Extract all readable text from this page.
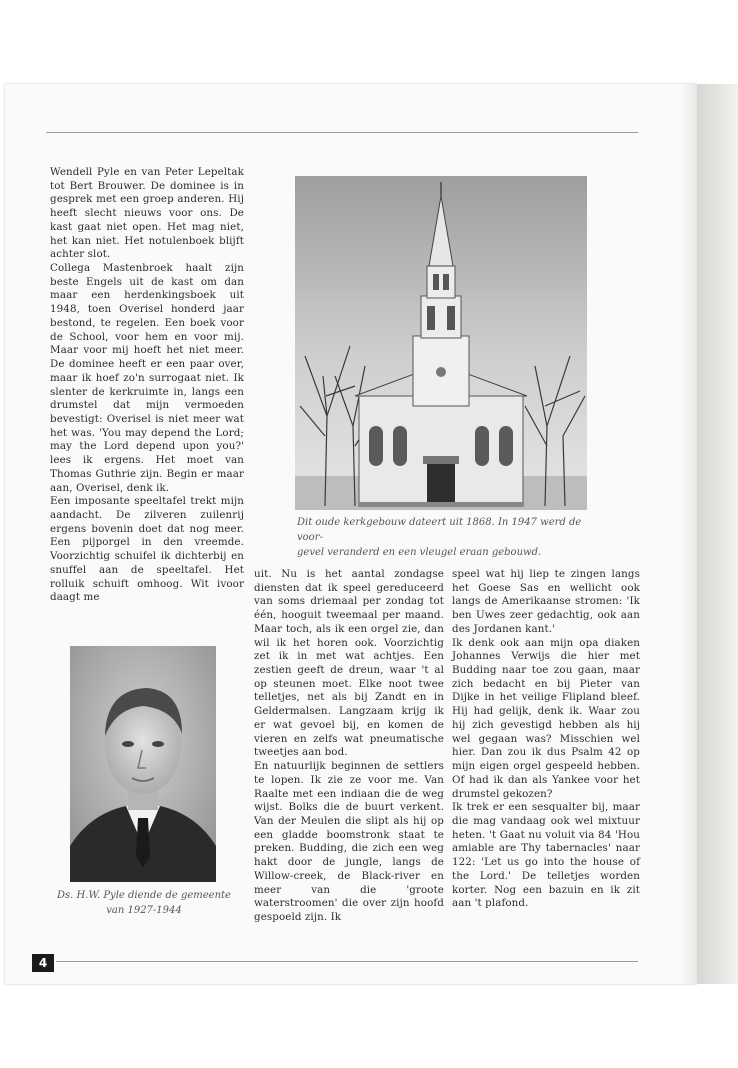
Wendell Pyle en van Peter Lepeltak tot Bert Brouwer. De dominee is in gesprek met een groep anderen. Hij heeft slecht nieuws voor ons. De kast gaat niet open. Het mag niet, het kan niet. Het notulenboek blijft achter slot.

Collega Mastenbroek haalt zijn beste Engels uit de kast om dan maar een herdenkingsboek uit 1948, toen Overisel honderd jaar bestond, te regelen. Een boek voor de School, voor hem en voor mij. Maar voor mij hoeft het niet meer. De dominee heeft er een paar over, maar ik hoef zo'n surrogaat niet. Ik slenter de kerkruimte in, langs een drumstel dat mijn vermoeden bevestigt: Overisel is niet meer wat het was. 'You may depend the Lord; may the Lord depend upon you?' lees ik ergens. Het moet van Thomas Guthrie zijn. Begin er maar aan, Overisel, denk ik.

Een imposante speeltafel trekt mijn aandacht. De zilveren zuilenrij ergens bovenin doet dat nog meer. Een pijporgel in den vreemde. Voorzichtig schuifel ik dichterbij en snuffel aan de speeltafel. Het rolluik schuift omhoog. Wit ivoor daagt me

Dit oude kerkgebouw dateert uit 1868. In 1947 werd de voor-
gevel veranderd en een vleugel eraan gebouwd.
Ds. H.W. Pyle diende de gemeente
van 1927-1944

uit. Nu is het aantal zondagse diensten dat ik speel gereduceerd van soms driemaal per zondag tot één, hooguit tweemaal per maand. Maar toch, als ik een orgel zie, dan wil ik het horen ook. Voorzichtig zet ik in met wat achtjes. Een zestien geeft de dreun, waar 't al op steunen moet. Elke noot twee telletjes, net als bij Zandt en in Geldermalsen. Langzaam krijg ik er wat gevoel bij, en komen de vieren en zelfs wat pneumatische tweetjes aan bod.

En natuurlijk beginnen de settlers te lopen. Ik zie ze voor me. Van Raalte met een indiaan die de weg wijst. Bolks die de buurt verkent. Van der Meulen die slipt als hij op een gladde boomstronk staat te preken. Budding, die zich een weg hakt door de jungle, langs de Willow-creek, de Black-river en meer van die 'groote waterstroomen' die over zijn hoofd gespoeld zijn. Ik

speel wat hij liep te zingen langs het Goese Sas en wellicht ook langs de Amerikaanse stromen: 'Ik ben Uwes zeer gedachtig, ook aan des Jordanen kant.'

Ik denk ook aan mijn opa diaken Johannes Verwijs die hier met Budding naar toe zou gaan, maar zich bedacht en bij Pieter van Dijke in het veilige Flipland bleef. Hij had gelijk, denk ik. Waar zou hij zich gevestigd hebben als hij wel gegaan was? Misschien wel hier. Dan zou ik dus Psalm 42 op mijn eigen orgel gespeeld hebben. Of had ik dan als Yankee voor het drumstel gekozen?

Ik trek er een sesqualter bij, maar die mag vandaag ook wel mixtuur heten. 't Gaat nu voluit via 84 'Hou amiable are Thy tabernacles' naar 122: 'Let us go into the house of the Lord.' De telletjes worden korter. Nog een bazuin en ik zit aan 't plafond.

4
